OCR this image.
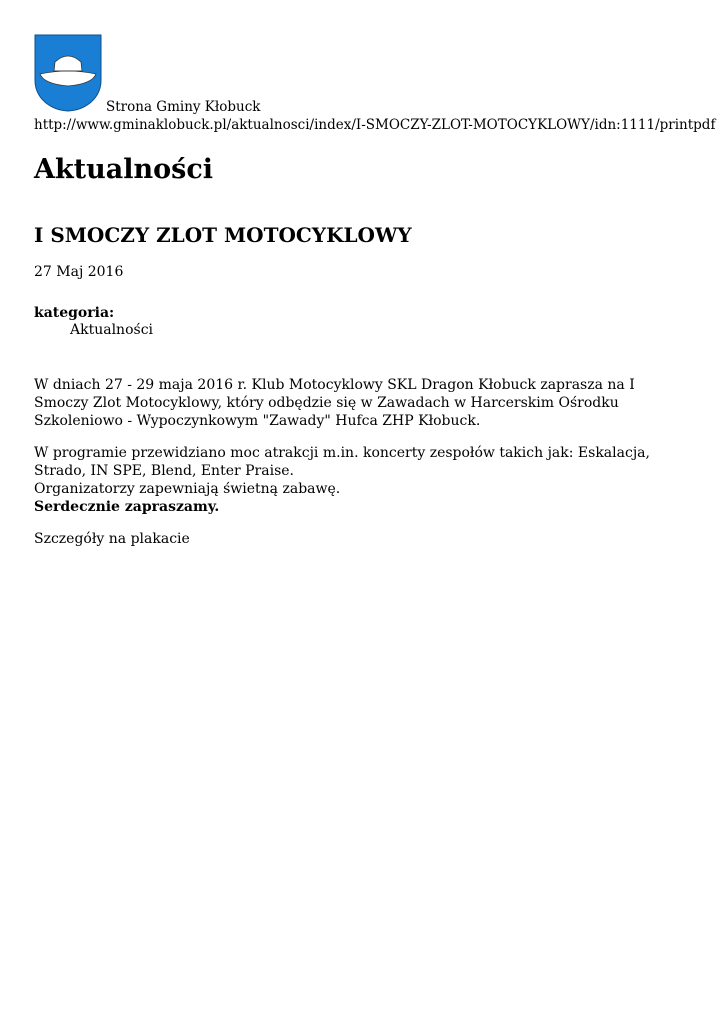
Strona Gminy Kłobuck
http://www.gminaklobuck.pl/aktualnosci/index/I-SMOCZY-ZLOT-MOTOCYKLOWY/idn:1111/printpdf
Aktualności
I SMOCZY ZLOT MOTOCYKLOWY
27 Maj 2016
kategoria:
Aktualności

W dniach 27 - 29 maja 2016 r. Klub Motocyklowy SKL Dragon Kłobuck zaprasza na I Smoczy Zlot Motocyklowy, który odbędzie się w Zawadach w Harcerskim Ośrodku Szkoleniowo - Wypoczynkowym "Zawady" Hufca ZHP Kłobuck.

W programie przewidziano moc atrakcji m.in. koncerty zespołów takich jak: Eskalacja, Strado, IN SPE, Blend, Enter Praise.
Organizatorzy zapewniają świetną zabawę.
Serdecznie zapraszamy.

Szczegóły na plakacie
